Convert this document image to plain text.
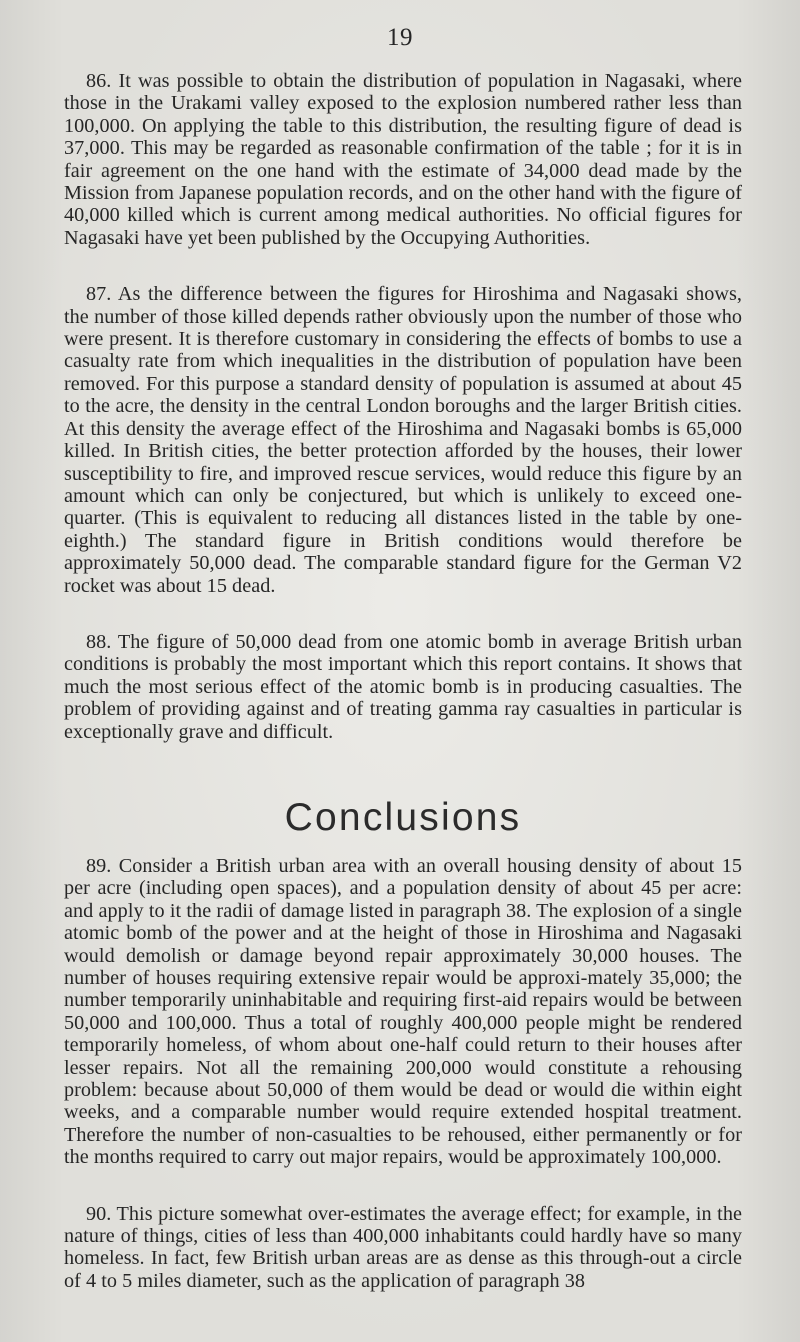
19

86. It was possible to obtain the distribution of population in Nagasaki, where those in the Urakami valley exposed to the explosion numbered rather less than 100,000. On applying the table to this distribution, the resulting figure of dead is 37,000. This may be regarded as reasonable confirmation of the table ; for it is in fair agreement on the one hand with the estimate of 34,000 dead made by the Mission from Japanese population records, and on the other hand with the figure of 40,000 killed which is current among medical authorities. No official figures for Nagasaki have yet been published by the Occupying Authorities.

87. As the difference between the figures for Hiroshima and Nagasaki shows, the number of those killed depends rather obviously upon the number of those who were present. It is therefore customary in considering the effects of bombs to use a casualty rate from which inequalities in the distribution of population have been removed. For this purpose a standard density of population is assumed at about 45 to the acre, the density in the central London boroughs and the larger British cities. At this density the average effect of the Hiroshima and Nagasaki bombs is 65,000 killed. In British cities, the better protection afforded by the houses, their lower susceptibility to fire, and improved rescue services, would reduce this figure by an amount which can only be conjectured, but which is unlikely to exceed one-quarter. (This is equivalent to reducing all distances listed in the table by one-eighth.) The standard figure in British conditions would therefore be approximately 50,000 dead. The comparable standard figure for the German V2 rocket was about 15 dead.

88. The figure of 50,000 dead from one atomic bomb in average British urban conditions is probably the most important which this report contains. It shows that much the most serious effect of the atomic bomb is in producing casualties. The problem of providing against and of treating gamma ray casualties in particular is exceptionally grave and difficult.

Conclusions

89. Consider a British urban area with an overall housing density of about 15 per acre (including open spaces), and a population density of about 45 per acre: and apply to it the radii of damage listed in paragraph 38. The explosion of a single atomic bomb of the power and at the height of those in Hiroshima and Nagasaki would demolish or damage beyond repair approximately 30,000 houses. The number of houses requiring extensive repair would be approxi-mately 35,000; the number temporarily uninhabitable and requiring first-aid repairs would be between 50,000 and 100,000. Thus a total of roughly 400,000 people might be rendered temporarily homeless, of whom about one-half could return to their houses after lesser repairs. Not all the remaining 200,000 would constitute a rehousing problem: because about 50,000 of them would be dead or would die within eight weeks, and a comparable number would require extended hospital treatment. Therefore the number of non-casualties to be rehoused, either permanently or for the months required to carry out major repairs, would be approximately 100,000.

90. This picture somewhat over-estimates the average effect; for example, in the nature of things, cities of less than 400,000 inhabitants could hardly have so many homeless. In fact, few British urban areas are as dense as this through-out a circle of 4 to 5 miles diameter, such as the application of paragraph 38
